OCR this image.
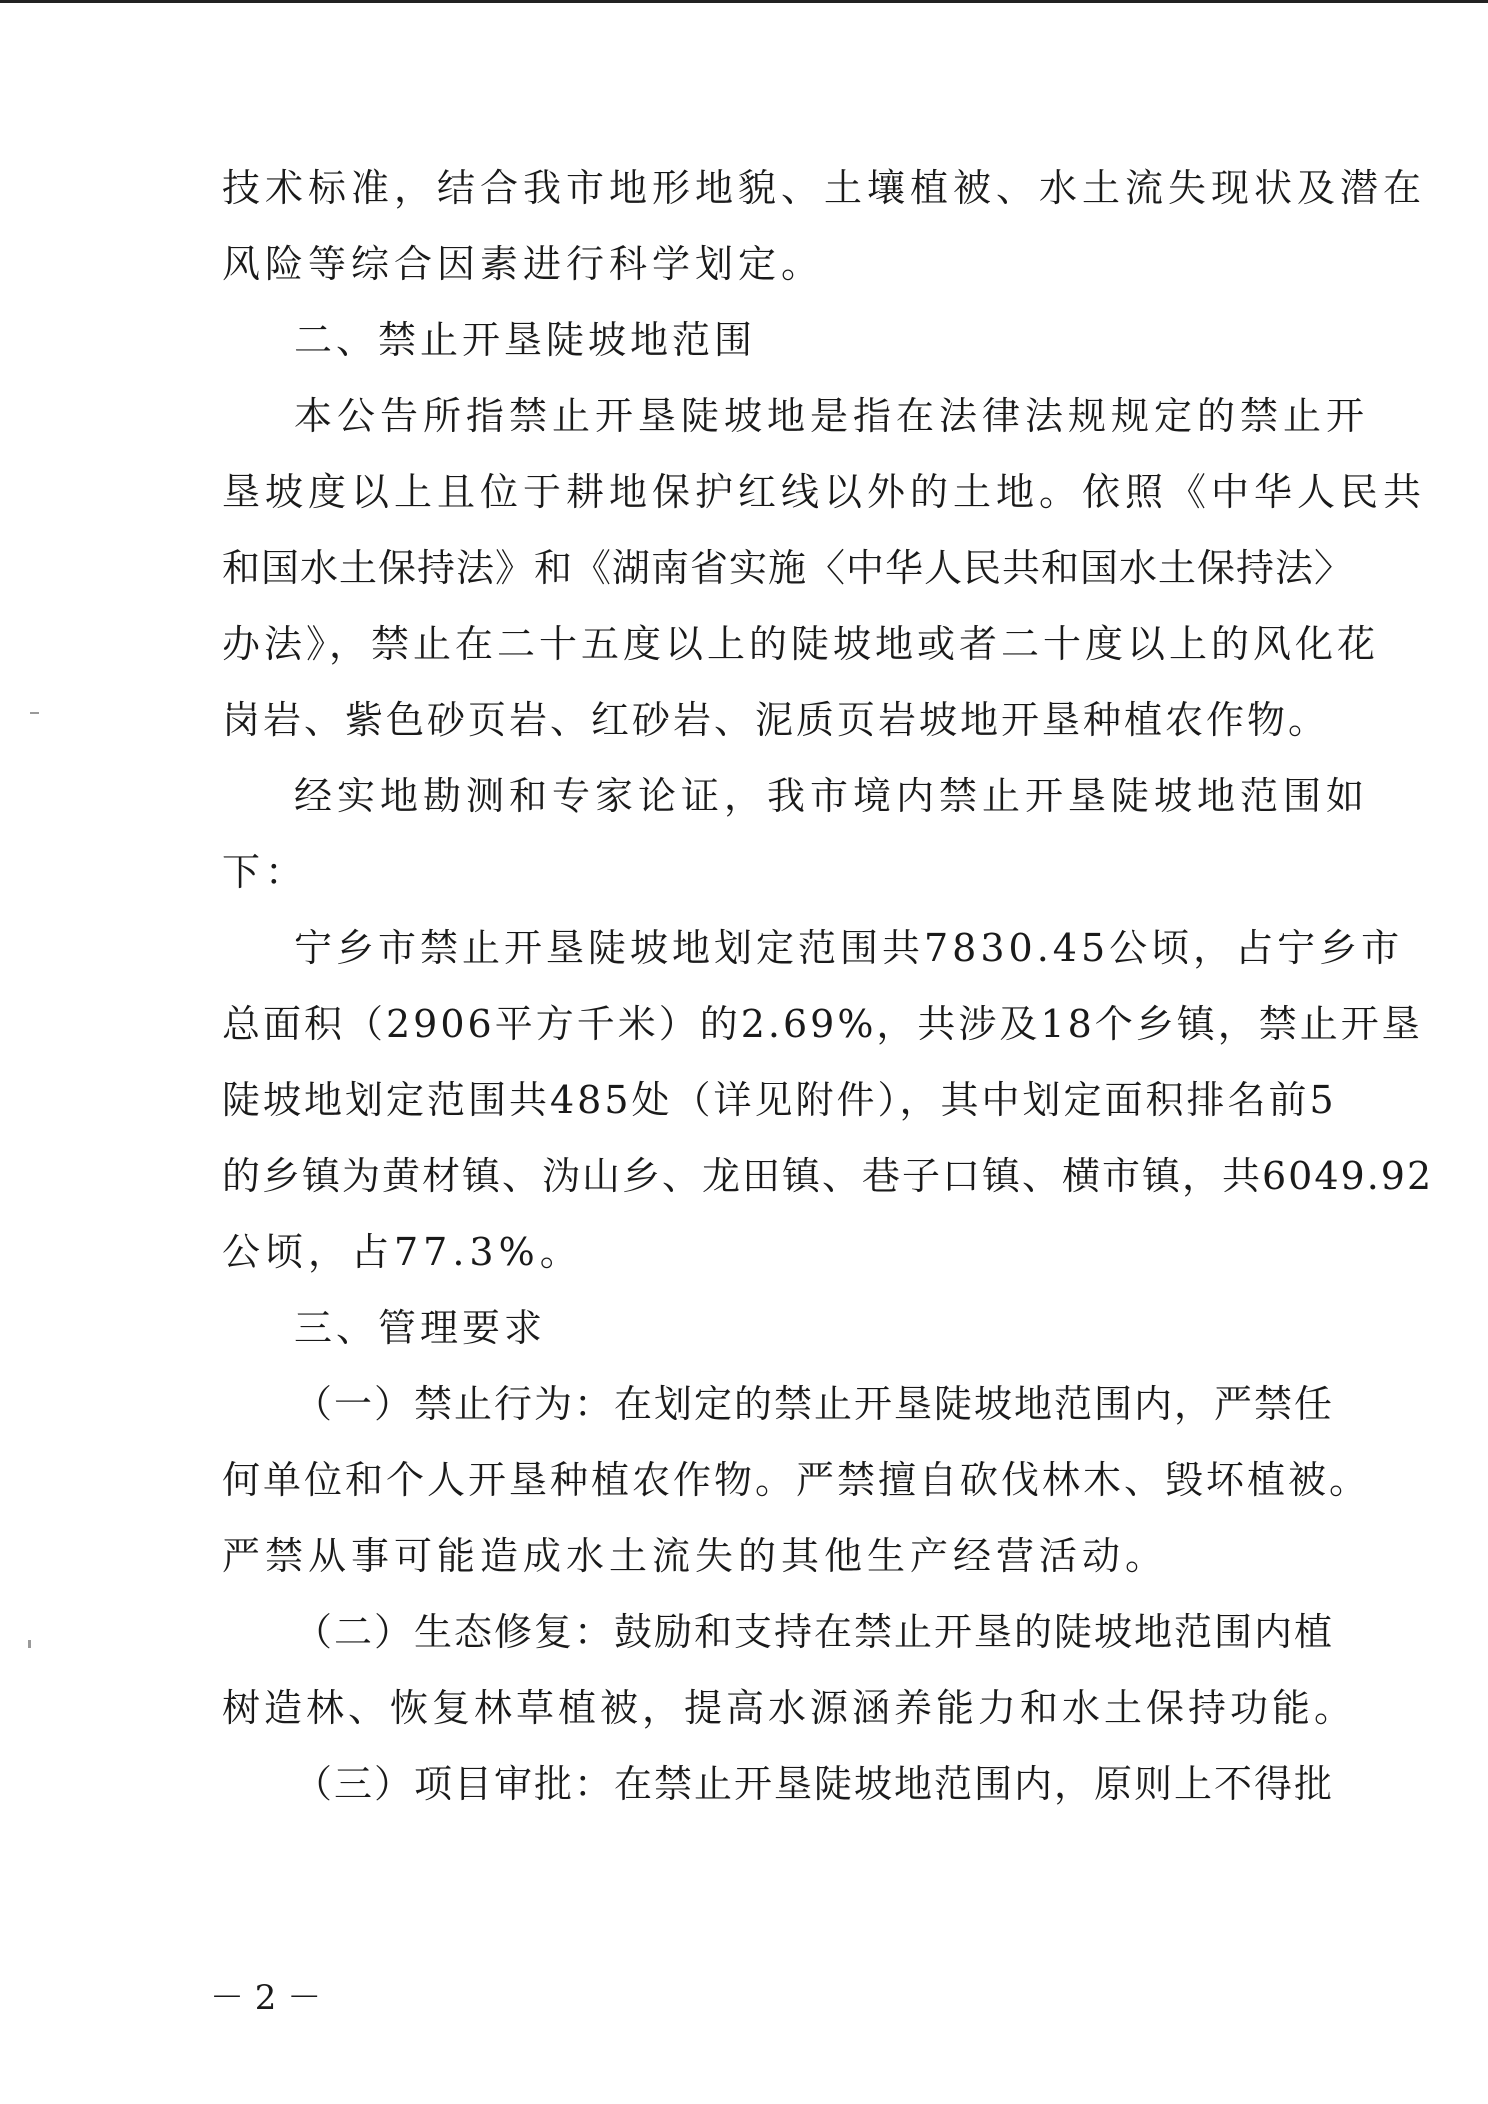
技术标准，结合我市地形地貌、土壤植被、水土流失现状及潜在
风险等综合因素进行科学划定。
二、禁止开垦陡坡地范围
本公告所指禁止开垦陡坡地是指在法律法规规定的禁止开
垦坡度以上且位于耕地保护红线以外的土地。依照《中华人民共
和国水土保持法》和《湖南省实施〈中华人民共和国水土保持法〉
办法》，禁止在二十五度以上的陡坡地或者二十度以上的风化花
岗岩、紫色砂页岩、红砂岩、泥质页岩坡地开垦种植农作物。
经实地勘测和专家论证，我市境内禁止开垦陡坡地范围如
下：
宁乡市禁止开垦陡坡地划定范围共7830.45公顷，占宁乡市
总面积（2906平方千米）的2.69%，共涉及18个乡镇，禁止开垦
陡坡地划定范围共485处（详见附件），其中划定面积排名前5
的乡镇为黄材镇、沩山乡、龙田镇、巷子口镇、横市镇，共6049.92
公顷，占77.3%。
三、管理要求
（一）禁止行为：在划定的禁止开垦陡坡地范围内，严禁任
何单位和个人开垦种植农作物。严禁擅自砍伐林木、毁坏植被。
严禁从事可能造成水土流失的其他生产经营活动。
（二）生态修复：鼓励和支持在禁止开垦的陡坡地范围内植
树造林、恢复林草植被，提高水源涵养能力和水土保持功能。
（三）项目审批：在禁止开垦陡坡地范围内，原则上不得批
－ 2 －
